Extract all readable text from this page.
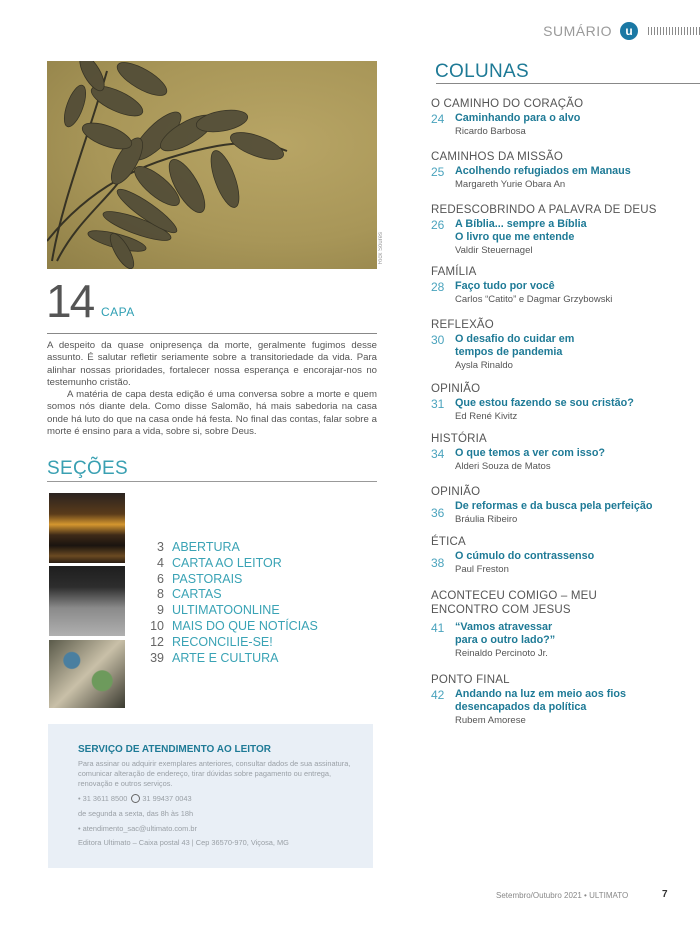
SUMÁRIO	u
Rick Soures
14 CAPA

A despeito da quase onipresença da morte, geralmente fugimos desse assunto. É salutar refletir seriamente sobre a transitoriedade da vida. Para alinhar nossas prioridades, fortalecer nossa esperança e encorajar-nos no testemunho cristão.

A matéria de capa desta edição é uma conversa sobre a morte e quem somos nós diante dela. Como disse Salomão, há mais sabedoria na casa onde há luto do que na casa onde há festa. No final das contas, falar sobre a morte é ensino para a vida, sobre si, sobre Deus.

SEÇÕES
3 ABERTURA
4 CARTA AO LEITOR
6 PASTORAIS
8 CARTAS
9 ULTIMATOONLINE
10 MAIS DO QUE NOTÍCIAS
12 RECONCILIE-SE!
39 ARTE E CULTURA
SERVIÇO DE ATENDIMENTO AO LEITOR
Para assinar ou adquirir exemplares anteriores, consultar dados de sua assinatura, comunicar alteração de endereço, tirar dúvidas sobre pagamento ou entrega, renovação e outros serviços.
• 31 3611 8500 31 99437 0043
de segunda a sexta, das 8h às 18h
• atendimento_sac@ultimato.com.br
Editora Ultimato – Caixa postal 43 | Cep 36570-970, Viçosa, MG
COLUNAS
O CAMINHO DO CORAÇÃO
24 Caminhando para o alvo
Ricardo Barbosa
CAMINHOS DA MISSÃO
25 Acolhendo refugiados em Manaus
Margareth Yurie Obara An
REDESCOBRINDO A PALAVRA DE DEUS
26 A Bíblia... sempre a Bíblia
O livro que me entende
Valdir Steuernagel
FAMÍLIA
28 Faço tudo por você
Carlos “Catito” e Dagmar Grzybowski
REFLEXÃO
30 O desafio do cuidar em
tempos de pandemia
Aysla Rinaldo
OPINIÃO
31 Que estou fazendo se sou cristão?
Ed René Kivitz
HISTÓRIA
34 O que temos a ver com isso?
Alderi Souza de Matos
OPINIÃO
36 De reformas e da busca pela perfeição
Bráulia Ribeiro
ÉTICA
38 O cúmulo do contrassenso
Paul Freston
ACONTECEU COMIGO – MEU
ENCONTRO COM JESUS
41 “Vamos atravessar
para o outro lado?”
Reinaldo Percinoto Jr.
PONTO FINAL
42 Andando na luz em meio aos fios
desencapados da política
Rubem Amorese
Setembro/Outubro 2021 • ULTIMATO	7
